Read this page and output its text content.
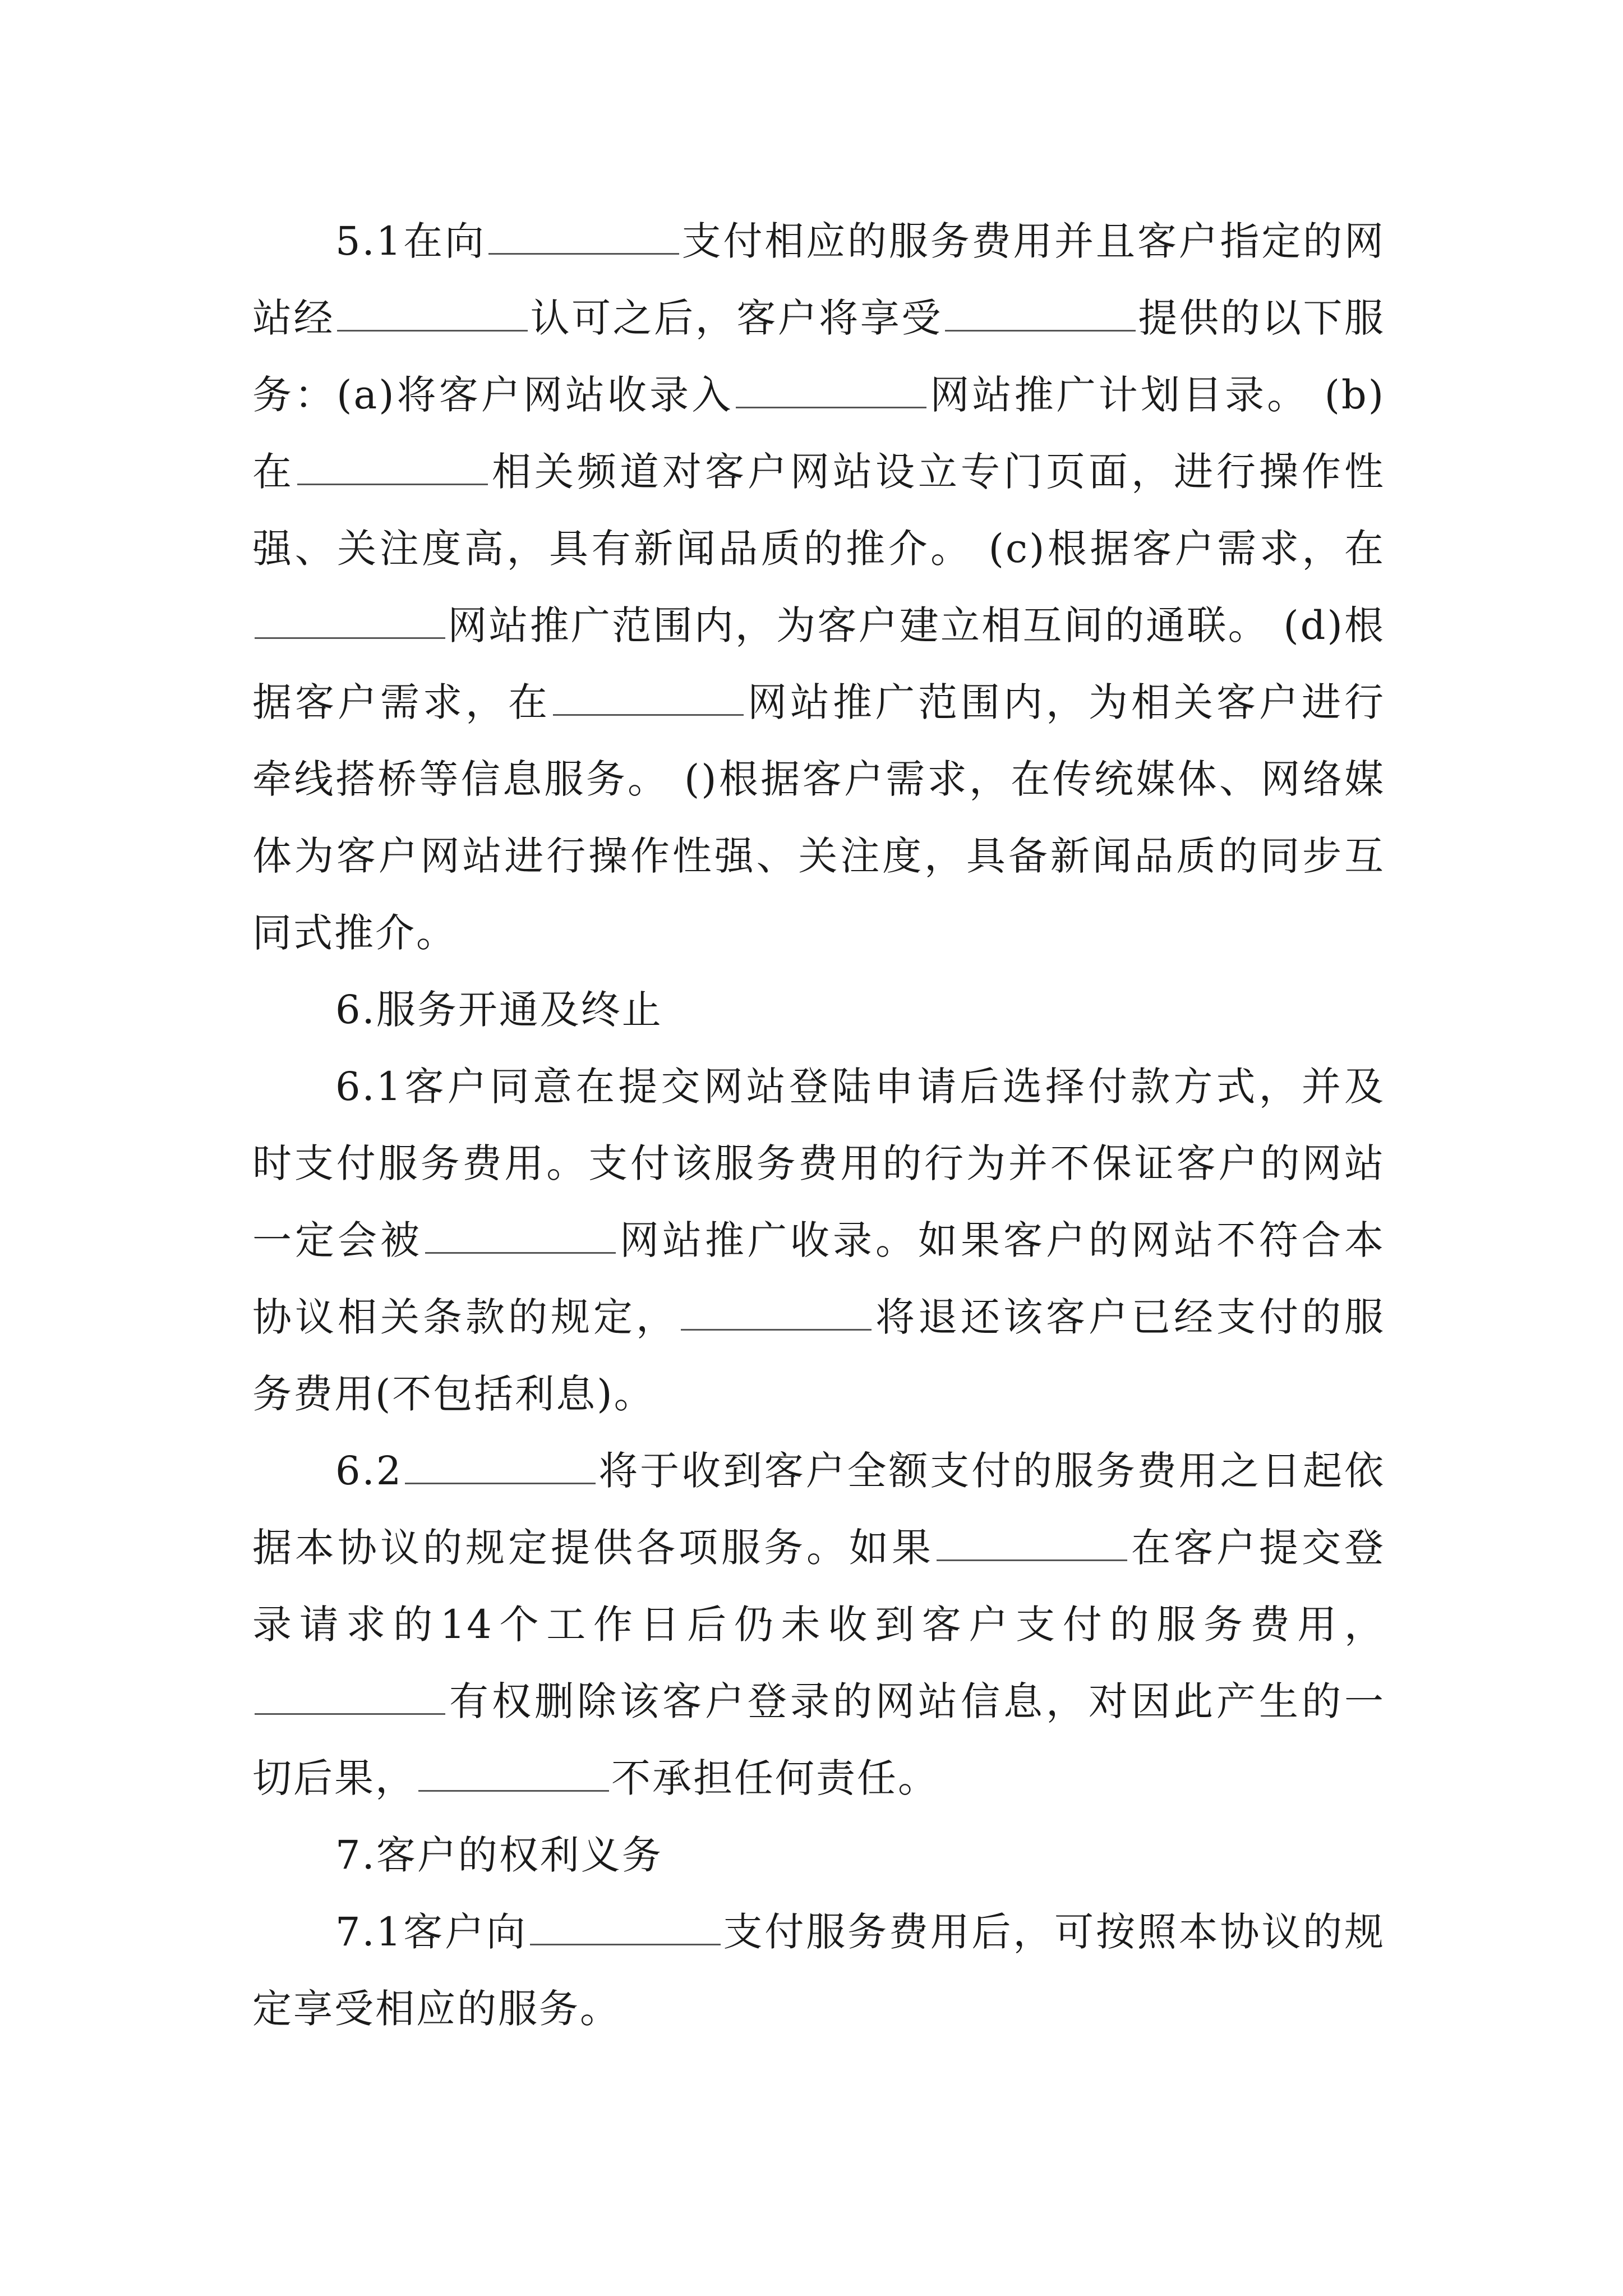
5.1在向	支付相应的服务费用并且客户指定的网站经	认可之后，客户将享受	提供的以下服务：(a)将客户网站收录入	网站推广计划目录。 (b)在	相关频道对客户网站设立专门页面，进行操作性强、关注度高，具有新闻品质的推介。 (c)根据客户需求，在网站推广范围内，为客户建立相互间的通联。 (d)根据客户需求，在	网站推广范围内，为相关客户进行牵线搭桥等信息服务。 ()根据客户需求，在传统媒体、网络媒体为客户网站进行操作性强、关注度，具备新闻品质的同步互同式推介。

6.服务开通及终止

6.1客户同意在提交网站登陆申请后选择付款方式，并及时支付服务费用。支付该服务费用的行为并不保证客户的网站一定会被	网站推广收录。如果客户的网站不符合本协议相关条款的规定，	将退还该客户已经支付的服务费用(不包括利息)。

6.2	将于收到客户全额支付的服务费用之日起依据本协议的规定提供各项服务。如果	在客户提交登录请求的14个工作日后仍未收到客户支付的服务费用，有权删除该客户登录的网站信息，对因此产生的一切后果，	不承担任何责任。

7.客户的权利义务

7.1客户向	支付服务费用后，可按照本协议的规定享受相应的服务。
